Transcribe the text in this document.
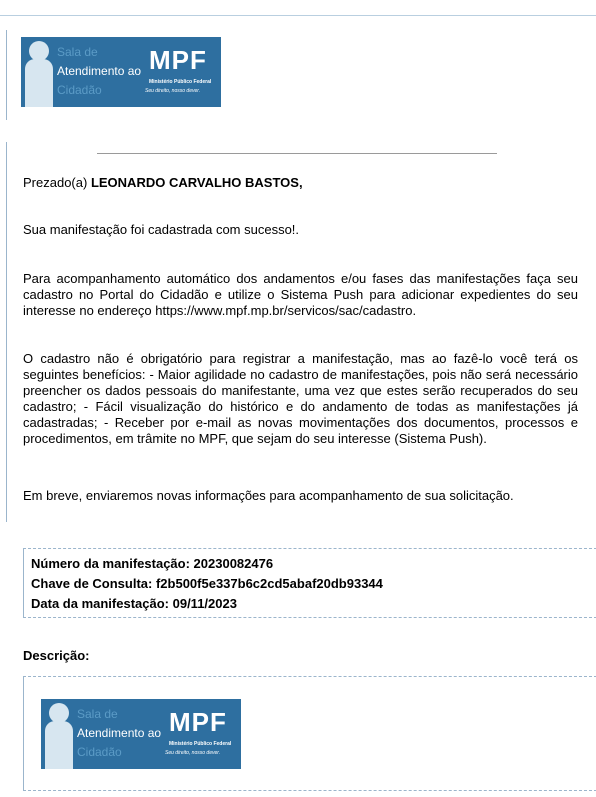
Sala de
Atendimento ao
Cidadão
MPF
Ministério Público Federal
Seu direito, nosso dever.
Prezado(a) LEONARDO CARVALHO BASTOS,
Sua manifestação foi cadastrada com sucesso!.
Para acompanhamento automático dos andamentos e/ou fases das manifestações faça seu cadastro no Portal do Cidadão e utilize o Sistema Push para adicionar expedientes do seu interesse no endereço https://www.mpf.mp.br/servicos/sac/cadastro.
O cadastro não é obrigatório para registrar a manifestação, mas ao fazê-lo você terá os seguintes benefícios: - Maior agilidade no cadastro de manifestações, pois não será necessário preencher os dados pessoais do manifestante, uma vez que estes serão recuperados do seu cadastro; - Fácil visualização do histórico e do andamento de todas as manifestações já cadastradas; - Receber por e-mail as novas movimentações dos documentos, processos e procedimentos, em trâmite no MPF, que sejam do seu interesse (Sistema Push).
Em breve, enviaremos novas informações para acompanhamento de sua solicitação.
Número da manifestação: 20230082476
Chave de Consulta: f2b500f5e337b6c2cd5abaf20db93344
Data da manifestação: 09/11/2023
Descrição:
Sala de
Atendimento ao
Cidadão
MPF
Ministério Público Federal
Seu direito, nosso dever.
